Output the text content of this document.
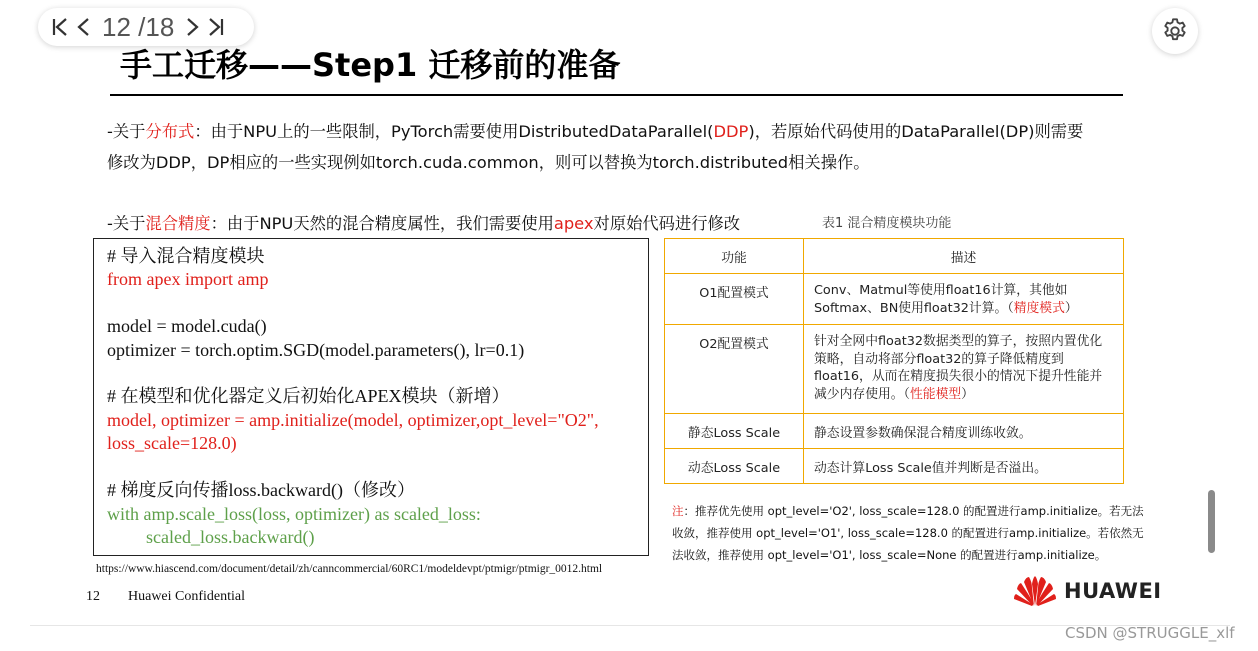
12 /18
手工迁移——Step1 迁移前的准备
-关于分布式：由于NPU上的一些限制，PyTorch需要使用DistributedDataParallel(DDP)，若原始代码使用的DataParallel(DP)则需要
修改为DDP，DP相应的一些实现例如torch.cuda.common，则可以替换为torch.distributed相关操作。
-关于混合精度：由于NPU天然的混合精度属性，我们需要使用apex对原始代码进行修改
# 导入混合精度模块
from apex import amp
model = model.cuda()
optimizer = torch.optim.SGD(model.parameters(), lr=0.1)
# 在模型和优化器定义后初始化APEX模块（新增）
model, optimizer = amp.initialize(model, optimizer,opt_level="O2",
loss_scale=128.0)
# 梯度反向传播loss.backward()（修改）
with amp.scale_loss(loss, optimizer) as scaled_loss:
scaled_loss.backward()
表1 混合精度模块功能
功能	描述
O1配置模式	Conv、Matmul等使用float16计算，其他如Softmax、BN使用float32计算。（精度模式）
O2配置模式	针对全网中float32数据类型的算子，按照内置优化策略，自动将部分float32的算子降低精度到float16，从而在精度损失很小的情况下提升性能并减少内存使用。（性能模型）
静态Loss Scale	静态设置参数确保混合精度训练收敛。
动态Loss Scale	动态计算Loss Scale值并判断是否溢出。
注：推荐优先使用 opt_level='O2', loss_scale=128.0 的配置进行amp.initialize。若无法收敛，推荐使用 opt_level='O1', loss_scale=128.0 的配置进行amp.initialize。若依然无法收敛，推荐使用 opt_level='O1', loss_scale=None 的配置进行amp.initialize。
https://www.hiascend.com/document/detail/zh/canncommercial/60RC1/modeldevpt/ptmigr/ptmigr_0012.html
12 Huawei Confidential	HUAWEI
CSDN @STRUGGLE_xlf
